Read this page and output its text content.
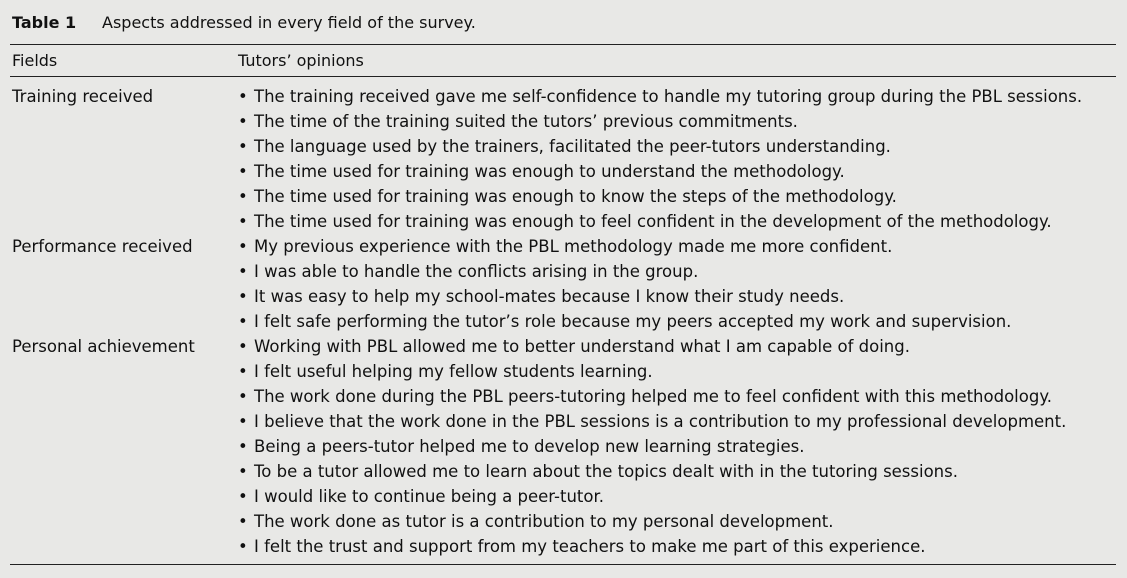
Table 1 Aspects addressed in every field of the survey.
Fields	Tutors’ opinions
Training received	• The training received gave me self-confidence to handle my tutoring group during the PBL sessions.
• The time of the training suited the tutors’ previous commitments.
• The language used by the trainers, facilitated the peer-tutors understanding.
• The time used for training was enough to understand the methodology.
• The time used for training was enough to know the steps of the methodology.
• The time used for training was enough to feel confident in the development of the methodology.
Performance received	• My previous experience with the PBL methodology made me more confident.
• I was able to handle the conflicts arising in the group.
• It was easy to help my school-mates because I know their study needs.
• I felt safe performing the tutor’s role because my peers accepted my work and supervision.
Personal achievement	• Working with PBL allowed me to better understand what I am capable of doing.
• I felt useful helping my fellow students learning.
• The work done during the PBL peers-tutoring helped me to feel confident with this methodology.
• I believe that the work done in the PBL sessions is a contribution to my professional development.
• Being a peers-tutor helped me to develop new learning strategies.
• To be a tutor allowed me to learn about the topics dealt with in the tutoring sessions.
• I would like to continue being a peer-tutor.
• The work done as tutor is a contribution to my personal development.
• I felt the trust and support from my teachers to make me part of this experience.
